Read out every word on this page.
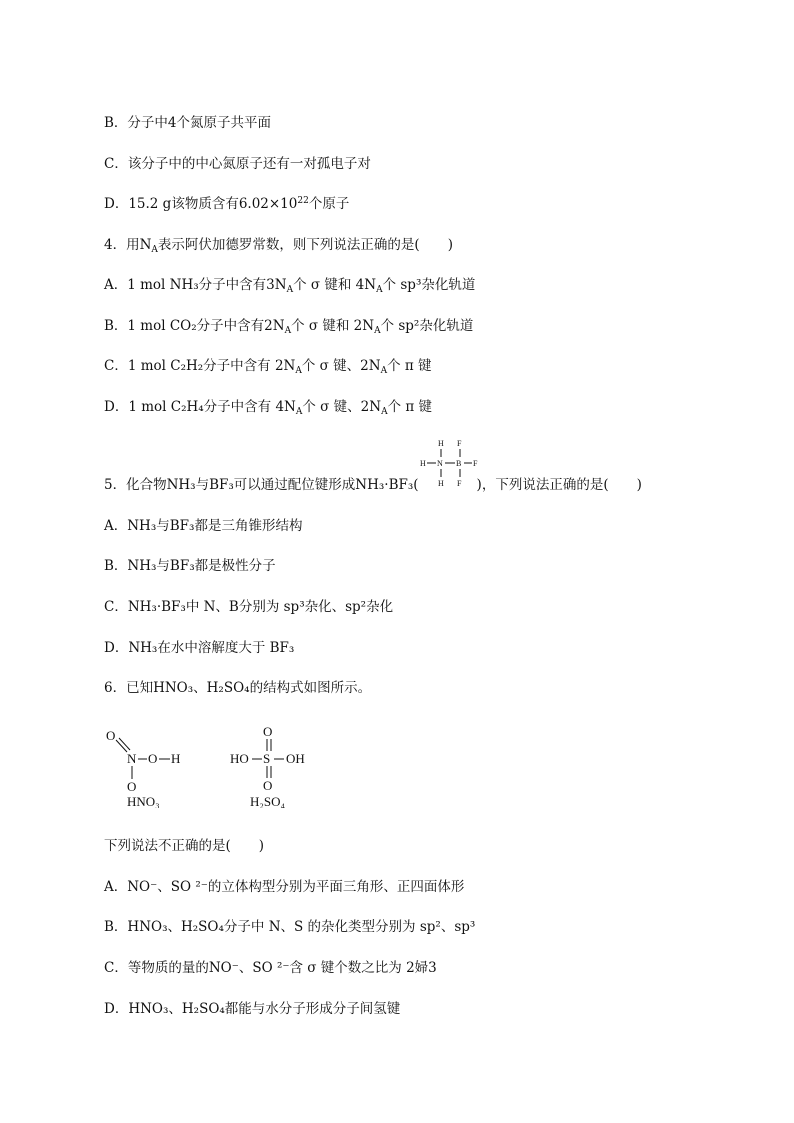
B．分子中4个氮原子共平面
C．该分子中的中心氮原子还有一对孤电子对
D．15.2 g该物质含有$6.02\times 10^{22}$个原子
4．用$N_A$表示阿伏加德罗常数，则下列说法正确的是( )
A．1 mol NH₃分子中含有$3N_A$个 σ 键和 $4N_A$个 sp³杂化轨道
B．1 mol CO₂分子中含有$2N_A$个 σ 键和 $2N_A$个 sp²杂化轨道
C．1 mol C₂H₂分子中含有 $2N_A$个 σ 键、$2N_A$个 π 键
D．1 mol C₂H₄分子中含有 $4N_A$个 σ 键、$2N_A$个 π 键
5．化合物NH₃与BF₃可以通过配位键形成NH₃·BF₃(	)，下列说法正确的是( )
H F
H N B F
H F
A．NH₃与BF₃都是三角锥形结构
B．NH₃与BF₃都是极性分子
C．NH₃·BF₃中 N、B分别为 sp³杂化、sp²杂化
D．NH₃在水中溶解度大于 BF₃
6．已知HNO₃、H₂SO₄的结构式如图所示。
O
N O H
O
HNO₃
O
HO S OH
O
H₂SO₄
下列说法不正确的是( )
A．NO⁻、SO ²⁻的立体构型分别为平面三角形、正四面体形
B．HNO₃、H₂SO₄分子中 N、S 的杂化类型分别为 sp²、sp³
C．等物质的量的NO⁻、SO ²⁻含 σ 键个数之比为 2婦3
D．HNO₃、H₂SO₄都能与水分子形成分子间氢键
